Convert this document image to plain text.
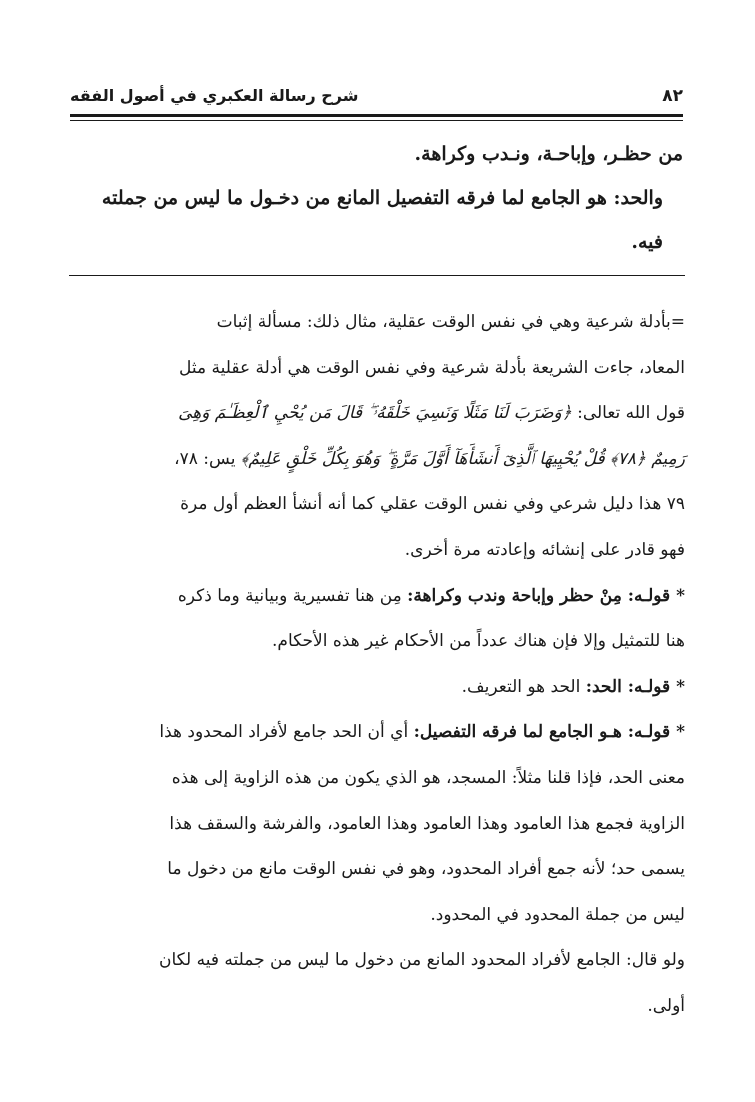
٨٢
شرح رسالة العكبري في أصول الفقه

من حظـر، وإباحـة، ونـدب وكراهة.

والحد: هو الجامع لما فرقه التفصيل المانع من دخـول ما ليس من جملته فيه.

=بأدلة شرعية وهي في نفس الوقت عقلية، مثال ذلك: مسألة إثبات

المعاد، جاءت الشريعة بأدلة شرعية وفي نفس الوقت هي أدلة عقلية مثل

قول الله تعالى: ﴿وَضَرَبَ لَنَا مَثَلًا وَنَسِيَ خَلْقَهُۥ ۖ قَالَ مَن يُحْيِ ٱلْعِظَـٰمَ وَهِىَ

رَمِيمٌ ﴿٧٨﴾ قُلْ يُحْيِيهَا ٱلَّذِىٓ أَنشَأَهَآ أَوَّلَ مَرَّةٍ ۖ وَهُوَ بِكُلِّ خَلْقٍ عَلِيمٌ﴾ يس: ٧٨،

٧٩ هذا دليل شرعي وفي نفس الوقت عقلي كما أنه أنشأ العظم أول مرة

فهو قادر على إنشائه وإعادته مرة أخرى.

* قولـه: مِنْ حظر وإباحة وندب وكراهة: مِن هنا تفسيرية وبيانية وما ذكره

هنا للتمثيل وإلا فإن هناك عدداً من الأحكام غير هذه الأحكام.

* قولـه: الحد: الحد هو التعريف.

* قولـه: هـو الجامع لما فرقه التفصيل: أي أن الحد جامع لأفراد المحدود هذا

معنى الحد، فإذا قلنا مثلاً: المسجد، هو الذي يكون من هذه الزاوية إلى هذه

الزاوية فجمع هذا العامود وهذا العامود وهذا العامود، والفرشة والسقف هذا

يسمى حد؛ لأنه جمع أفراد المحدود، وهو في نفس الوقت مانع من دخول ما

ليس من جملة المحدود في المحدود.

ولو قال: الجامع لأفراد المحدود المانع من دخول ما ليس من جملته فيه لكان

أولى.
